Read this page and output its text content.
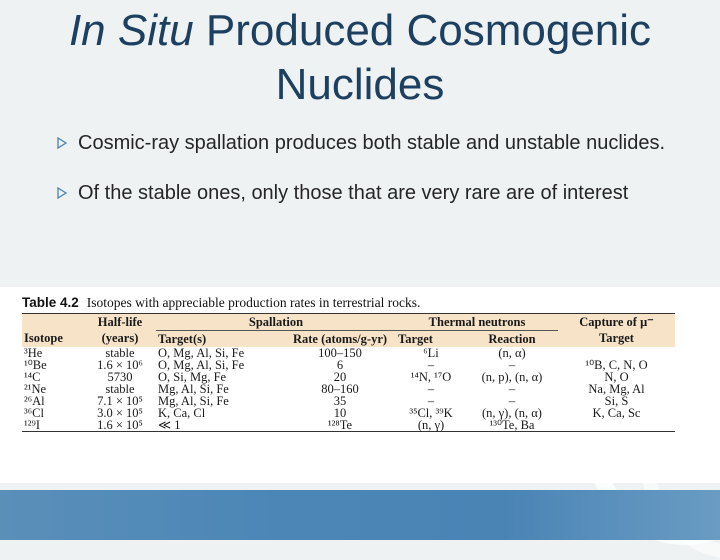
In Situ Produced Cosmogenic Nuclides
Cosmic-ray spallation produces both stable and unstable nuclides.
Of the stable ones, only those that are very rare are of interest
Table 4.2 Isotopes with appreciable production rates in terrestrial rocks.
	Half-life	Spallation		Thermal neutrons		Capture of μ⁻
Isotope	(years)	Target(s)	Rate (atoms/g-yr)	Target	Reaction	Target
³He	stable	O, Mg, Al, Si, Fe	100–150	⁶Li	(n, α)	
¹⁰Be	1.6 × 10⁶	O, Mg, Al, Si, Fe	6	–	–	¹⁰B, C, N, O
¹⁴C	5730	O, Si, Mg, Fe	20	¹⁴N, ¹⁷O	(n, p), (n, α)	N, O
²¹Ne	stable	Mg, Al, Si, Fe	80–160	–	–	Na, Mg, Al
²⁶Al	7.1 × 10⁵	Mg, Al, Si, Fe	35	–	–	Si, S
³⁶Cl	3.0 × 10⁵	K, Ca, Cl	10	³⁵Cl, ³⁹K	(n, γ), (n, α)	K, Ca, Sc
¹²⁹I	1.6 × 10⁵	≪ 1	¹²⁸Te	(n, γ)	¹³⁰Te, Ba	
